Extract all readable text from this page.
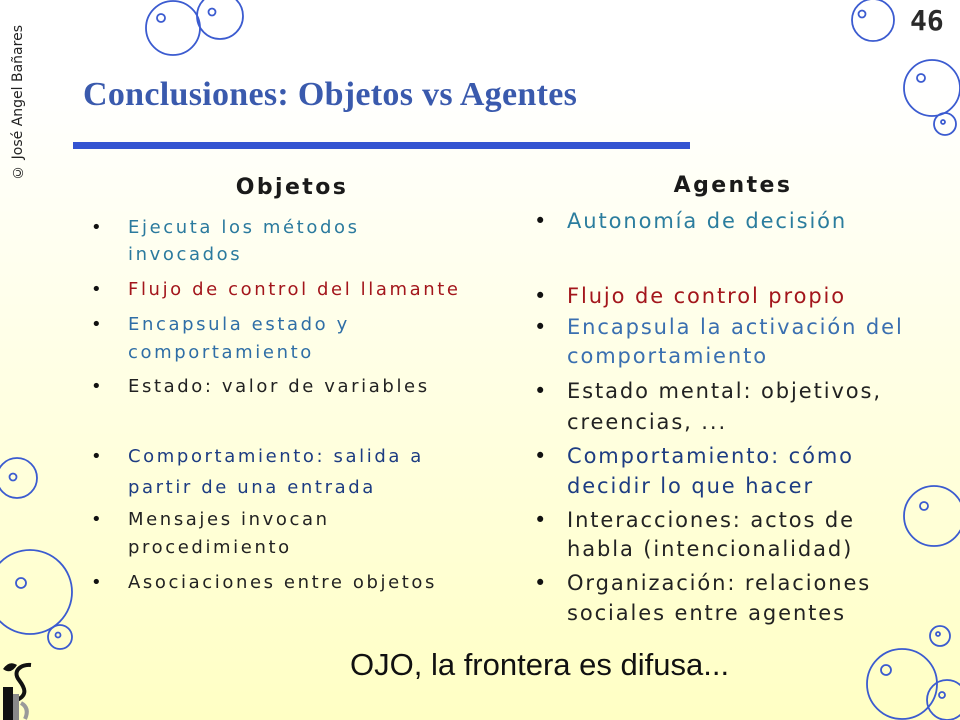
46
© José Angel Bañares Conclusiones: Objetos vs Agentes
Objetos
• Ejecuta los métodos
invocados
• Flujo de control del llamante
• Encapsula estado y
comportamiento
• Estado: valor de variables
• Comportamiento: salida a
partir de una entrada
• Mensajes invocan
procedimiento
• Asociaciones entre objetos
Agentes
• Autonomía de decisión
• Flujo de control propio
• Encapsula la activación del
comportamiento
• Estado mental: objetivos,
creencias, ...
• Comportamiento: cómo
decidir lo que hacer
• Interacciones: actos de
habla (intencionalidad)
• Organización: relaciones
sociales entre agentes
OJO, la frontera es difusa...
